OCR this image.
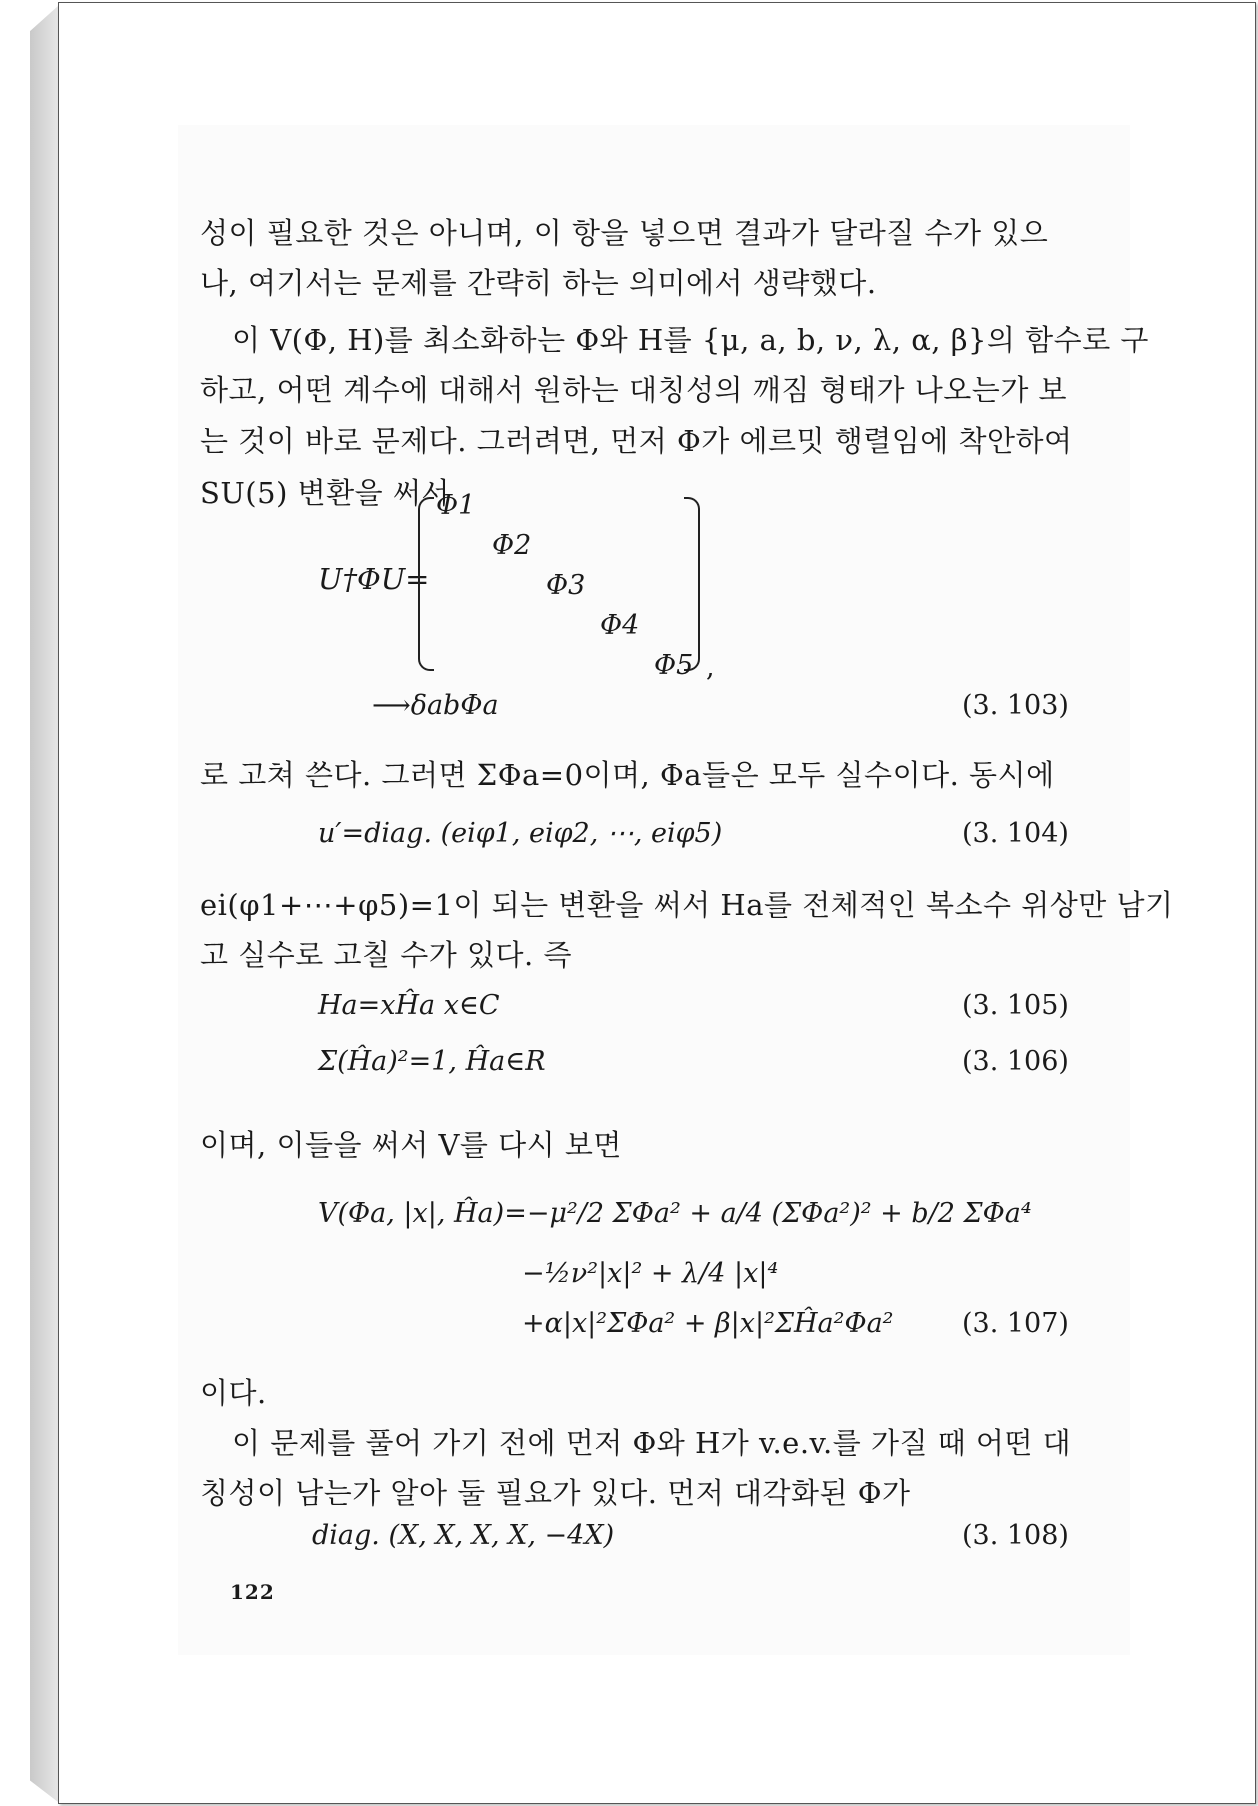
성이 필요한 것은 아니며, 이 항을 넣으면 결과가 달라질 수가 있으
나, 여기서는 문제를 간략히 하는 의미에서 생략했다.
이 V(Φ, H)를 최소화하는 Φ와 H를 {μ, a, b, ν, λ, α, β}의 함수로 구
하고, 어떤 계수에 대해서 원하는 대칭성의 깨짐 형태가 나오는가 보
는 것이 바로 문제다. 그러려면, 먼저 Φ가 에르밋 행렬임에 착안하여
SU(5) 변환을 써서
U†ΦU=
Φ1
Φ2
Φ3
Φ4
Φ5 ,
⟶δabΦa	(3. 103)
로 고쳐 쓴다. 그러면 ΣΦa=0이며, Φa들은 모두 실수이다. 동시에
u′=diag. (eiφ1, eiφ2, ⋯, eiφ5)	(3. 104)
ei(φ1+⋯+φ5)=1이 되는 변환을 써서 Ha를 전체적인 복소수 위상만 남기
고 실수로 고칠 수가 있다. 즉
Ha=xĤa x∈C	(3. 105)
Σ(Ĥa)²=1, Ĥa∈R	(3. 106)
이며, 이들을 써서 V를 다시 보면
V(Φa, |x|, Ĥa)=−μ²/2 ΣΦa² + a/4 (ΣΦa²)² + b/2 ΣΦa⁴
−½ν²|x|² + λ/4 |x|⁴
+α|x|²ΣΦa² + β|x|²ΣĤa²Φa²	(3. 107)
이다.
이 문제를 풀어 가기 전에 먼저 Φ와 H가 v.e.v.를 가질 때 어떤 대
칭성이 남는가 알아 둘 필요가 있다. 먼저 대각화된 Φ가
diag. (X, X, X, X, −4X)	(3. 108)
122
